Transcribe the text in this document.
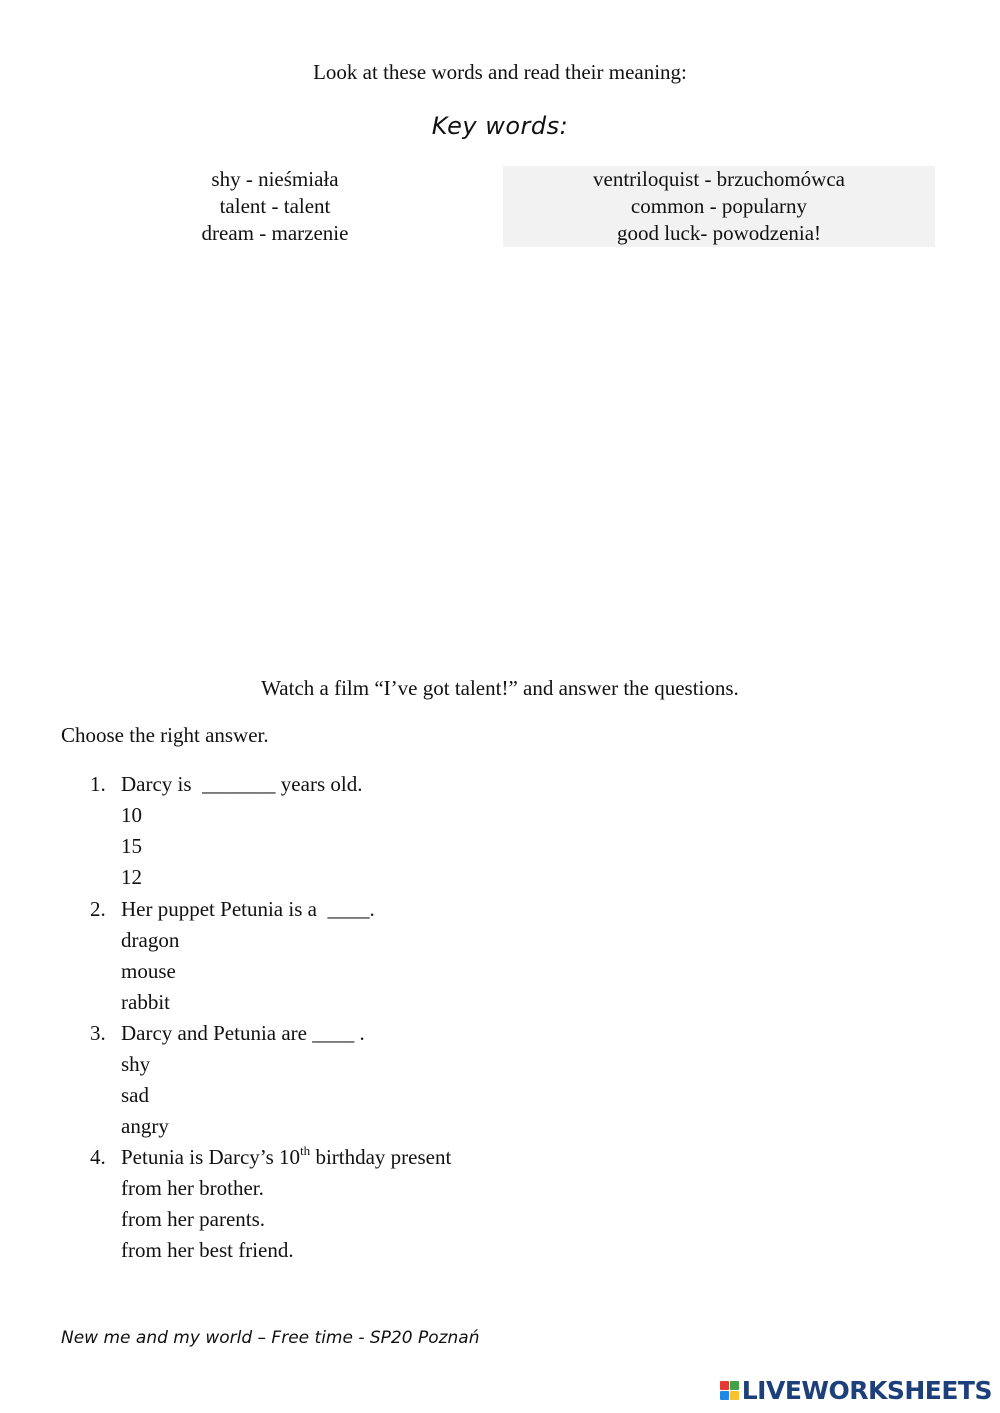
Look at these words and read their meaning:
Key words:
shy - nieśmiała
talent - talent
dream - marzenie
ventriloquist - brzuchomówca
common - popularny
good luck- powodzenia!
Watch a film “I’ve got talent!” and answer the questions.
Choose the right answer.
1. Darcy is  _______ years old.
10
15
12
2. Her puppet Petunia is a  ____.
dragon
mouse
rabbit
3. Darcy and Petunia are ____ .
shy
sad
angry
4. Petunia is Darcy’s 10th birthday present
from her brother.
from her parents.
from her best friend.
New me and my world – Free time - SP20 Poznań
LIVEWORKSHEETS
